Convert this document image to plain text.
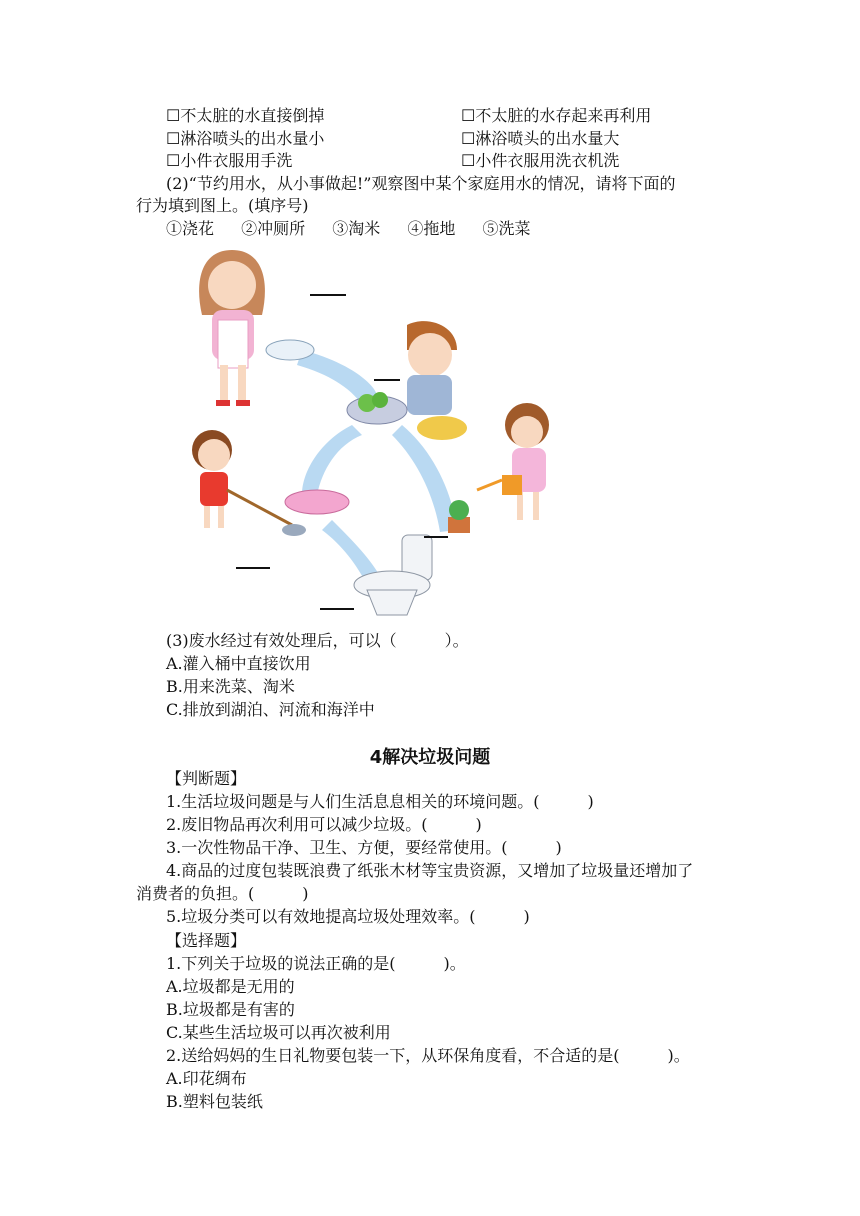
☐不太脏的水直接倒掉	☐不太脏的水存起来再利用
☐淋浴喷头的出水量小	☐淋浴喷头的出水量大
☐小件衣服用手洗	☐小件衣服用洗衣机洗
(2)“节约用水，从小事做起!”观察图中某个家庭用水的情况，请将下面的
行为填到图上。(填序号)
①浇花 ②冲厕所 ③淘米 ④拖地 ⑤洗菜
(3)废水经过有效处理后，可以（　　　）。
A.灌入桶中直接饮用
B.用来洗菜、淘米
C.排放到湖泊、河流和海洋中
4解决垃圾问题
【判断题】
1.生活垃圾问题是与人们生活息息相关的环境问题。(　　　)
2.废旧物品再次利用可以减少垃圾。(　　　)
3.一次性物品干净、卫生、方便，要经常使用。(　　　)
4.商品的过度包装既浪费了纸张木材等宝贵资源，又增加了垃圾量还增加了
消费者的负担。(　　　)
5.垃圾分类可以有效地提高垃圾处理效率。(　　　)
【选择题】
1.下列关于垃圾的说法正确的是(　　　)。
A.垃圾都是无用的
B.垃圾都是有害的
C.某些生活垃圾可以再次被利用
2.送给妈妈的生日礼物要包装一下，从环保角度看，不合适的是(　　　)。
A.印花绸布
B.塑料包装纸
